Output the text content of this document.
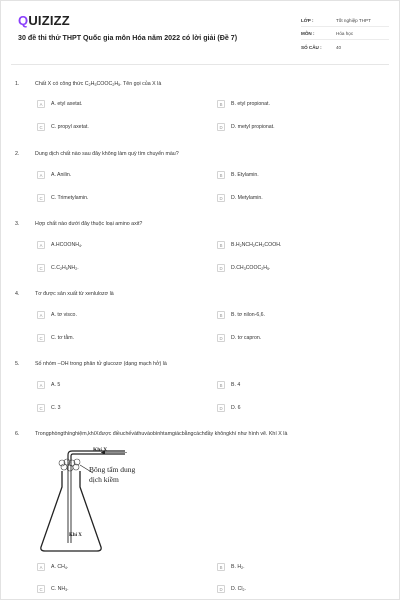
QUIZIZZ
30 đề thi thử THPT Quốc gia môn Hóa năm 2022 có lời giải (Đề 7)
LỚP :	Tốt nghiệp THPT
MÔN :	Hóa học
SỐ CÂU :	40
1.	Chất X có công thức $C_2H_5COOC_2H_5$. Tên gọi của X là
A	A. etyl axetat.	B	B. etyl propionat.
C	C. propyl axetat.	D	D. metyl propionat.
2.	Dung dịch chất nào sau đây không làm quỳ tím chuyển màu?
A	A. Anilin.	B	B. Etylamin.
C	C. Trimetylamin.	D	D. Metylamin.
3.	Hợp chất nào dưới đây thuộc loại amino axit?
A	$A.HCOONH_4$.	B	$B.H_2NCH_2CH_2COOH$.
C	$C.C_2H_5NH_2$.	D	$D.CH_3COOC_2H_5$.
4.	Tơ được sản xuất từ xenlulozơ là
A	A. tơ visco.	B	B. tơ nilon-6,6.
C	C. tơ tằm.	D	D. tơ capron.
5.	Số nhóm –OH trong phân tử glucozơ (dạng mạch hở) là
A	A. 5	B	B. 4
C	C. 3	D	D. 6
6.	Trongphòngthínghiệm,khíXđược điềuchếvàthuvàobìnhtamgiácbằngcáchđầy khôngkhí như hình vẽ. Khí X là
Khí X
Bông tẩm dung
dịch kiềm
Khí X
A	A. $CH_4$.	B	B. $H_2$.
C	C. $NH_3$.	D	D. $Cl_2$.
